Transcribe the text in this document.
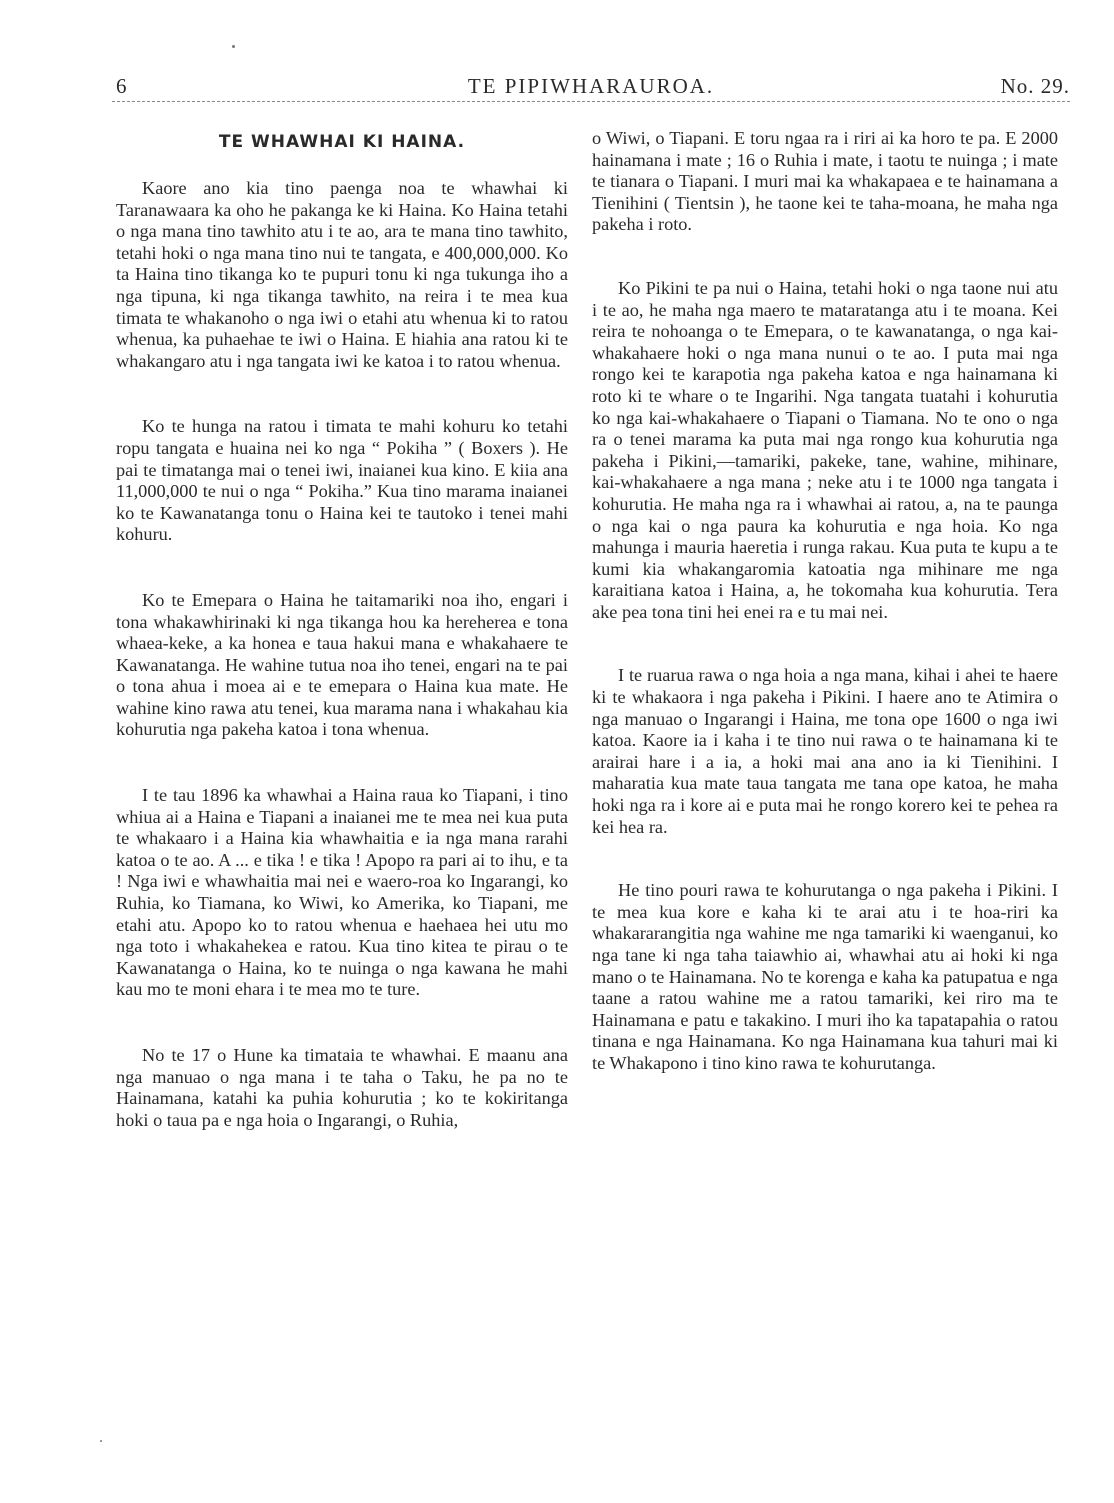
6	TE PIPIWHARAUROA.	No. 29.
TE WHAWHAI KI HAINA.

Kaore ano kia tino paenga noa te whawhai ki Taranawaara ka oho he pakanga ke ki Haina. Ko Haina tetahi o nga mana tino tawhito atu i te ao, ara te mana tino tawhito, tetahi hoki o nga mana tino nui te tangata, e 400,000,000. Ko ta Haina tino tikanga ko te pupuri tonu ki nga tukunga iho a nga tipuna, ki nga tikanga tawhito, na reira i te mea kua timata te whakanoho o nga iwi o etahi atu whenua ki to ratou whenua, ka puhaehae te iwi o Haina. E hiahia ana ratou ki te whakangaro atu i nga tangata iwi ke katoa i to ratou whenua.

Ko te hunga na ratou i timata te mahi kohuru ko tetahi ropu tangata e huaina nei ko nga “ Pokiha ” ( Boxers ). He pai te timatanga mai o tenei iwi, inaianei kua kino. E kiia ana 11,000,000 te nui o nga “ Pokiha.” Kua tino marama inaianei ko te Kawanatanga tonu o Haina kei te tautoko i tenei mahi kohuru.

Ko te Emepara o Haina he taitamariki noa iho, engari i tona whakawhirinaki ki nga tikanga hou ka hereherea e tona whaea-keke, a ka honea e taua hakui mana e whakahaere te Kawanatanga. He wahine tutua noa iho tenei, engari na te pai o tona ahua i moea ai e te emepara o Haina kua mate. He wahine kino rawa atu tenei, kua marama nana i whakahau kia kohurutia nga pakeha katoa i tona whenua.

I te tau 1896 ka whawhai a Haina raua ko Tiapani, i tino whiua ai a Haina e Tiapani a inaianei me te mea nei kua puta te whakaaro i a Haina kia whawhaitia e ia nga mana rarahi katoa o te ao. A ... e tika ! e tika ! Apopo ra pari ai to ihu, e ta ! Nga iwi e whawhaitia mai nei e waero-roa ko Ingarangi, ko Ruhia, ko Tiamana, ko Wiwi, ko Amerika, ko Tiapani, me etahi atu. Apopo ko to ratou whenua e haehaea hei utu mo nga toto i whakahekea e ratou. Kua tino kitea te pirau o te Kawanatanga o Haina, ko te nuinga o nga kawana he mahi kau mo te moni ehara i te mea mo te ture.

No te 17 o Hune ka timataia te whawhai. E maanu ana nga manuao o nga mana i te taha o Taku, he pa no te Hainamana, katahi ka puhia kohurutia ; ko te kokiritanga hoki o taua pa e nga hoia o Ingarangi, o Ruhia,

o Wiwi, o Tiapani. E toru ngaa ra i riri ai ka horo te pa. E 2000 hainamana i mate ; 16 o Ruhia i mate, i taotu te nuinga ; i mate te tianara o Tiapani. I muri mai ka whakapaea e te hainamana a Tienihini ( Tientsin ), he taone kei te taha-moana, he maha nga pakeha i roto.

Ko Pikini te pa nui o Haina, tetahi hoki o nga taone nui atu i te ao, he maha nga maero te mataratanga atu i te moana. Kei reira te nohoanga o te Emepara, o te kawanatanga, o nga kai-whakahaere hoki o nga mana nunui o te ao. I puta mai nga rongo kei te karapotia nga pakeha katoa e nga hainamana ki roto ki te whare o te Ingarihi. Nga tangata tuatahi i kohurutia ko nga kai-whakahaere o Tiapani o Tiamana. No te ono o nga ra o tenei marama ka puta mai nga rongo kua kohurutia nga pakeha i Pikini,—tamariki, pakeke, tane, wahine, mihinare, kai-whakahaere a nga mana ; neke atu i te 1000 nga tangata i kohurutia. He maha nga ra i whawhai ai ratou, a, na te paunga o nga kai o nga paura ka kohurutia e nga hoia. Ko nga mahunga i mauria haeretia i runga rakau. Kua puta te kupu a te kumi kia whakangaromia katoatia nga mihinare me nga karaitiana katoa i Haina, a, he tokomaha kua kohurutia. Tera ake pea tona tini hei enei ra e tu mai nei.

I te ruarua rawa o nga hoia a nga mana, kihai i ahei te haere ki te whakaora i nga pakeha i Pikini. I haere ano te Atimira o nga manuao o Ingarangi i Haina, me tona ope 1600 o nga iwi katoa. Kaore ia i kaha i te tino nui rawa o te hainamana ki te arairai hare i a ia, a hoki mai ana ano ia ki Tienihini. I maharatia kua mate taua tangata me tana ope katoa, he maha hoki nga ra i kore ai e puta mai he rongo korero kei te pehea ra kei hea ra.

He tino pouri rawa te kohurutanga o nga pakeha i Pikini. I te mea kua kore e kaha ki te arai atu i te hoa-riri ka whakararangitia nga wahine me nga tamariki ki waenganui, ko nga tane ki nga taha taiawhio ai, whawhai atu ai hoki ki nga mano o te Hainamana. No te korenga e kaha ka patupatua e nga taane a ratou wahine me a ratou tamariki, kei riro ma te Hainamana e patu e takakino. I muri iho ka tapatapahia o ratou tinana e nga Hainamana. Ko nga Hainamana kua tahuri mai ki te Whakapono i tino kino rawa te kohurutanga.
